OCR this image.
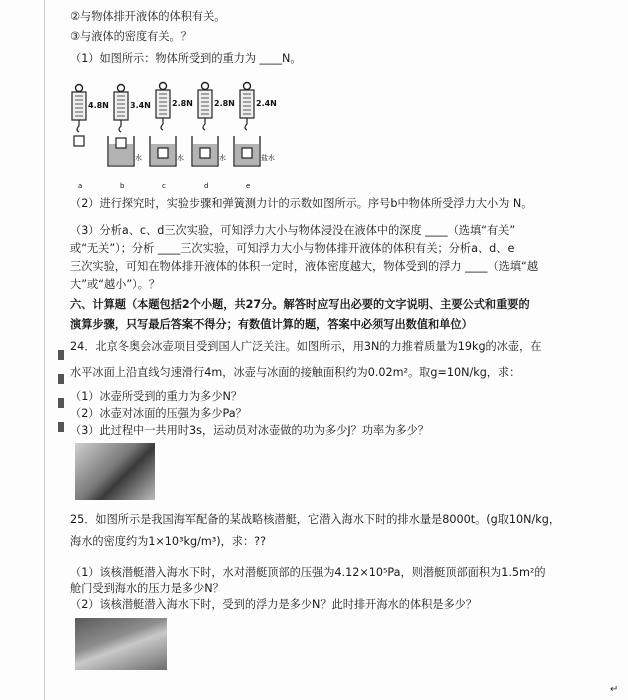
②与物体排开液体的体积有关。
③与液体的密度有关。？
（1）如图所示：物体所受到的重力为 ____N。
4.8N
a
3.4N
b
水
2.8N
c
水
2.8N
d
水
2.4N
e
盐水
（2）进行探究时，实验步骤和弹簧测力计的示数如图所示。序号b中物体所受浮力大小为 N。
（3）分析a、c、d三次实验，可知浮力大小与物体浸没在液体中的深度 ____（选填“有关”
或“无关”）；分析 ____三次实验，可知浮力大小与物体排开液体的体积有关；分析a、d、e
三次实验，可知在物体排开液体的体积一定时，液体密度越大，物体受到的浮力 ____（选填“越
大”或“越小”）。？
六、计算题（本题包括2个小题，共27分。解答时应写出必要的文字说明、主要公式和重要的
演算步骤，只写最后答案不得分；有数值计算的题，答案中必须写出数值和单位）
24．北京冬奥会冰壶项目受到国人广泛关注。如图所示，用3N的力推着质量为19kg的冰壶，在
水平冰面上沿直线匀速滑行4m，冰壶与冰面的接触面积约为0.02m²。取g=10N/kg，求：
（1）冰壶所受到的重力为多少N？
（2）冰壶对冰面的压强为多少Pa？
（3）此过程中一共用时3s，运动员对冰壶做的功为多少J？功率为多少？
25．如图所示是我国海军配备的某战略核潜艇，它潜入海水下时的排水量是8000t。(g取10N/kg，
海水的密度约为1×10³kg/m³)，求：??
（1）该核潜艇潜入海水下时，水对潜艇顶部的压强为4.12×10⁵Pa，则潜艇顶部面积为1.5m²的
舱门受到海水的压力是多少N？
（2）该核潜艇潜入海水下时，受到的浮力是多少N？此时排开海水的体积是多少？
↵
